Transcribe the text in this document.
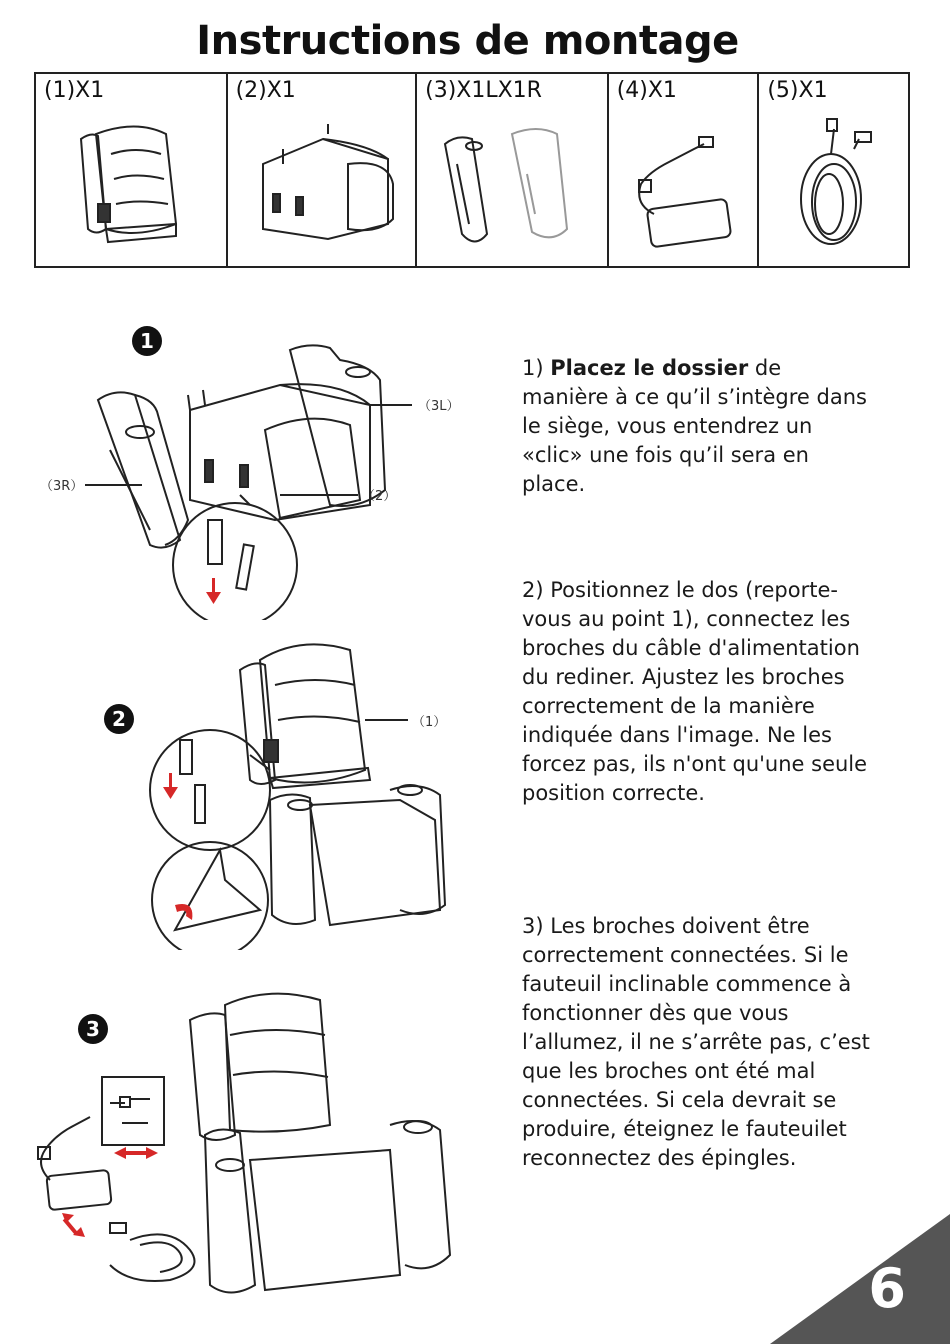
Instructions de montage
(1)X1	(2)X1	(3)X1LX1R	(4)X1	(5)X1
1
（3L）
（3R）
（2）
1) Placez le dossier de manière à ce qu’il s’intègre dans le siège, vous entendrez un «clic» une fois qu’il sera en place.
2	（1）
2) Positionnez le dos (reporte-vous au point 1), connectez les broches du câble d'alimentation du rediner. Ajustez les broches correctement de la manière indiquée dans l'image. Ne les forcez pas, ils n'ont qu'une seule position correcte.
3
3) Les broches doivent être correctement connectées. Si le fauteuil inclinable commence à fonctionner dès que vous l’allumez, il ne s’arrête pas, c’est que les broches ont été mal connectées. Si cela devrait se produire, éteignez le fauteuilet reconnectez des épingles.
6
